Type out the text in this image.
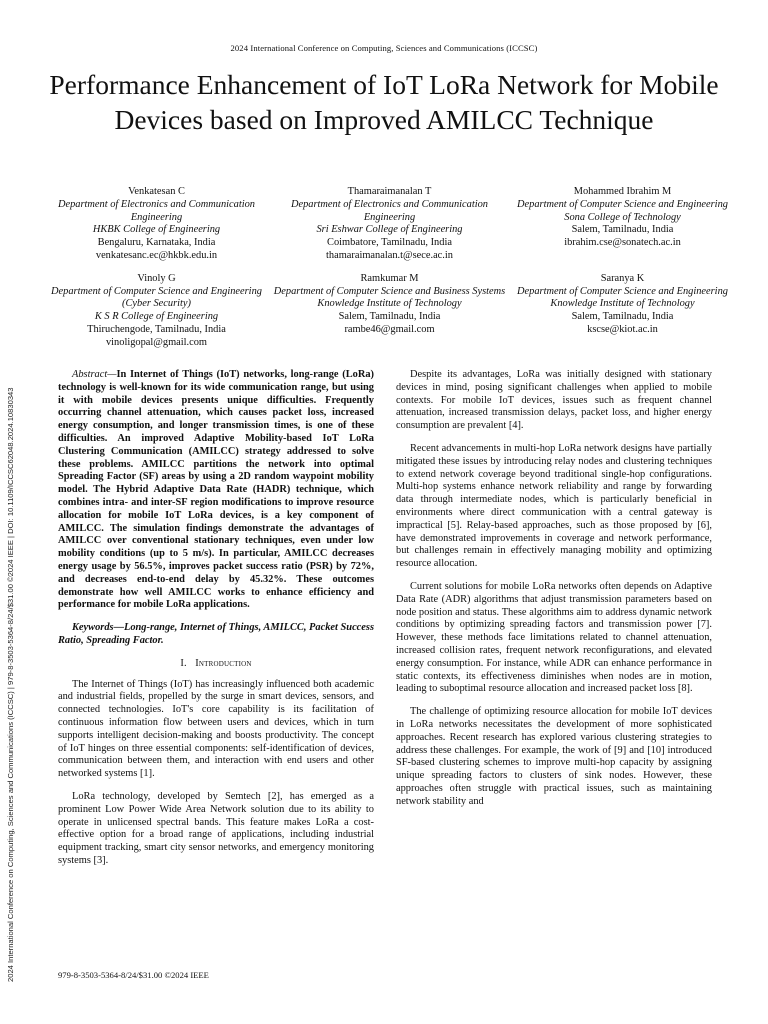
2024 International Conference on Computing, Sciences and Communications (ICCSC)
Performance Enhancement of IoT LoRa Network for Mobile Devices based on Improved AMILCC Technique
2024 International Conference on Computing, Sciences and Communications (ICCSC) | 979-8-3503-5364-8/24/$31.00 ©2024 IEEE | DOI: 10.1109/ICCSC62048.2024.10830343
Venkatesan C
Department of Electronics and Communication Engineering
HKBK College of Engineering
Bengaluru, Karnataka, India
venkatesanc.ec@hkbk.edu.in
Thamaraimanalan T
Department of Electronics and Communication Engineering
Sri Eshwar College of Engineering
Coimbatore, Tamilnadu, India
thamaraimanalan.t@sece.ac.in
Mohammed Ibrahim M
Department of Computer Science and Engineering
Sona College of Technology
Salem, Tamilnadu, India
ibrahim.cse@sonatech.ac.in
Vinoly G
Department of Computer Science and Engineering (Cyber Security)
K S R College of Engineering
Thiruchengode, Tamilnadu, India
vinoligopal@gmail.com
Ramkumar M
Department of Computer Science and Business Systems
Knowledge Institute of Technology
Salem, Tamilnadu, India
rambe46@gmail.com
Saranya K
Department of Computer Science and Engineering
Knowledge Institute of Technology
Salem, Tamilnadu, India
kscse@kiot.ac.in

Abstract—In Internet of Things (IoT) networks, long-range (LoRa) technology is well-known for its wide communication range, but using it with mobile devices presents unique difficulties. Frequently occurring channel attenuation, which causes packet loss, increased energy consumption, and longer transmission times, is one of these difficulties. An improved Adaptive Mobility-based IoT LoRa Clustering Communication (AMILCC) strategy addressed to solve these problems. AMILCC partitions the network into optimal Spreading Factor (SF) areas by using a 2D random waypoint mobility model. The Hybrid Adaptive Data Rate (HADR) technique, which combines intra- and inter-SF region modifications to improve resource allocation for mobile IoT LoRa devices, is a key component of AMILCC. The simulation findings demonstrate the advantages of AMILCC over conventional stationary techniques, even under low mobility conditions (up to 5 m/s). In particular, AMILCC decreases energy usage by 56.5%, improves packet success ratio (PSR) by 72%, and decreases end-to-end delay by 45.32%. These outcomes demonstrate how well AMILCC works to enhance efficiency and performance for mobile LoRa applications.

Keywords—Long-range, Internet of Things, AMILCC, Packet Success Ratio, Spreading Factor.

I. Introduction

The Internet of Things (IoT) has increasingly influenced both academic and industrial fields, propelled by the surge in smart devices, sensors, and connected technologies. IoT's core capability is its facilitation of continuous information flow between users and devices, which in turn supports intelligent decision-making and boosts productivity. The concept of IoT hinges on three essential components: self-identification of devices, communication between them, and interaction with end users and other networked systems [1].

LoRa technology, developed by Semtech [2], has emerged as a prominent Low Power Wide Area Network solution due to its ability to operate in unlicensed spectral bands. This feature makes LoRa a cost-effective option for a broad range of applications, including industrial equipment tracking, smart city sensor networks, and emergency monitoring systems [3].

Despite its advantages, LoRa was initially designed with stationary devices in mind, posing significant challenges when applied to mobile contexts. For mobile IoT devices, issues such as frequent channel attenuation, increased transmission delays, packet loss, and higher energy consumption are prevalent [4].

Recent advancements in multi-hop LoRa network designs have partially mitigated these issues by introducing relay nodes and clustering techniques to extend network coverage beyond traditional single-hop configurations. Multi-hop systems enhance network reliability and range by forwarding data through intermediate nodes, which is particularly beneficial in environments where direct communication with a central gateway is impractical [5]. Relay-based approaches, such as those proposed by [6], have demonstrated improvements in coverage and network performance, but challenges remain in effectively managing mobility and optimizing resource allocation.

Current solutions for mobile LoRa networks often depends on Adaptive Data Rate (ADR) algorithms that adjust transmission parameters based on node position and status. These algorithms aim to address dynamic network conditions by optimizing spreading factors and transmission power [7]. However, these methods face limitations related to channel attenuation, increased collision rates, frequent network reconfigurations, and elevated energy consumption. For instance, while ADR can enhance performance in static contexts, its effectiveness diminishes when nodes are in motion, leading to suboptimal resource allocation and increased packet loss [8].

The challenge of optimizing resource allocation for mobile IoT devices in LoRa networks necessitates the development of more sophisticated approaches. Recent research has explored various clustering strategies to address these challenges. For example, the work of [9] and [10] introduced SF-based clustering schemes to improve multi-hop capacity by assigning unique spreading factors to clusters of sink nodes. However, these approaches often struggle with practical issues, such as maintaining network stability and

979-8-3503-5364-8/24/$31.00 ©2024 IEEE
